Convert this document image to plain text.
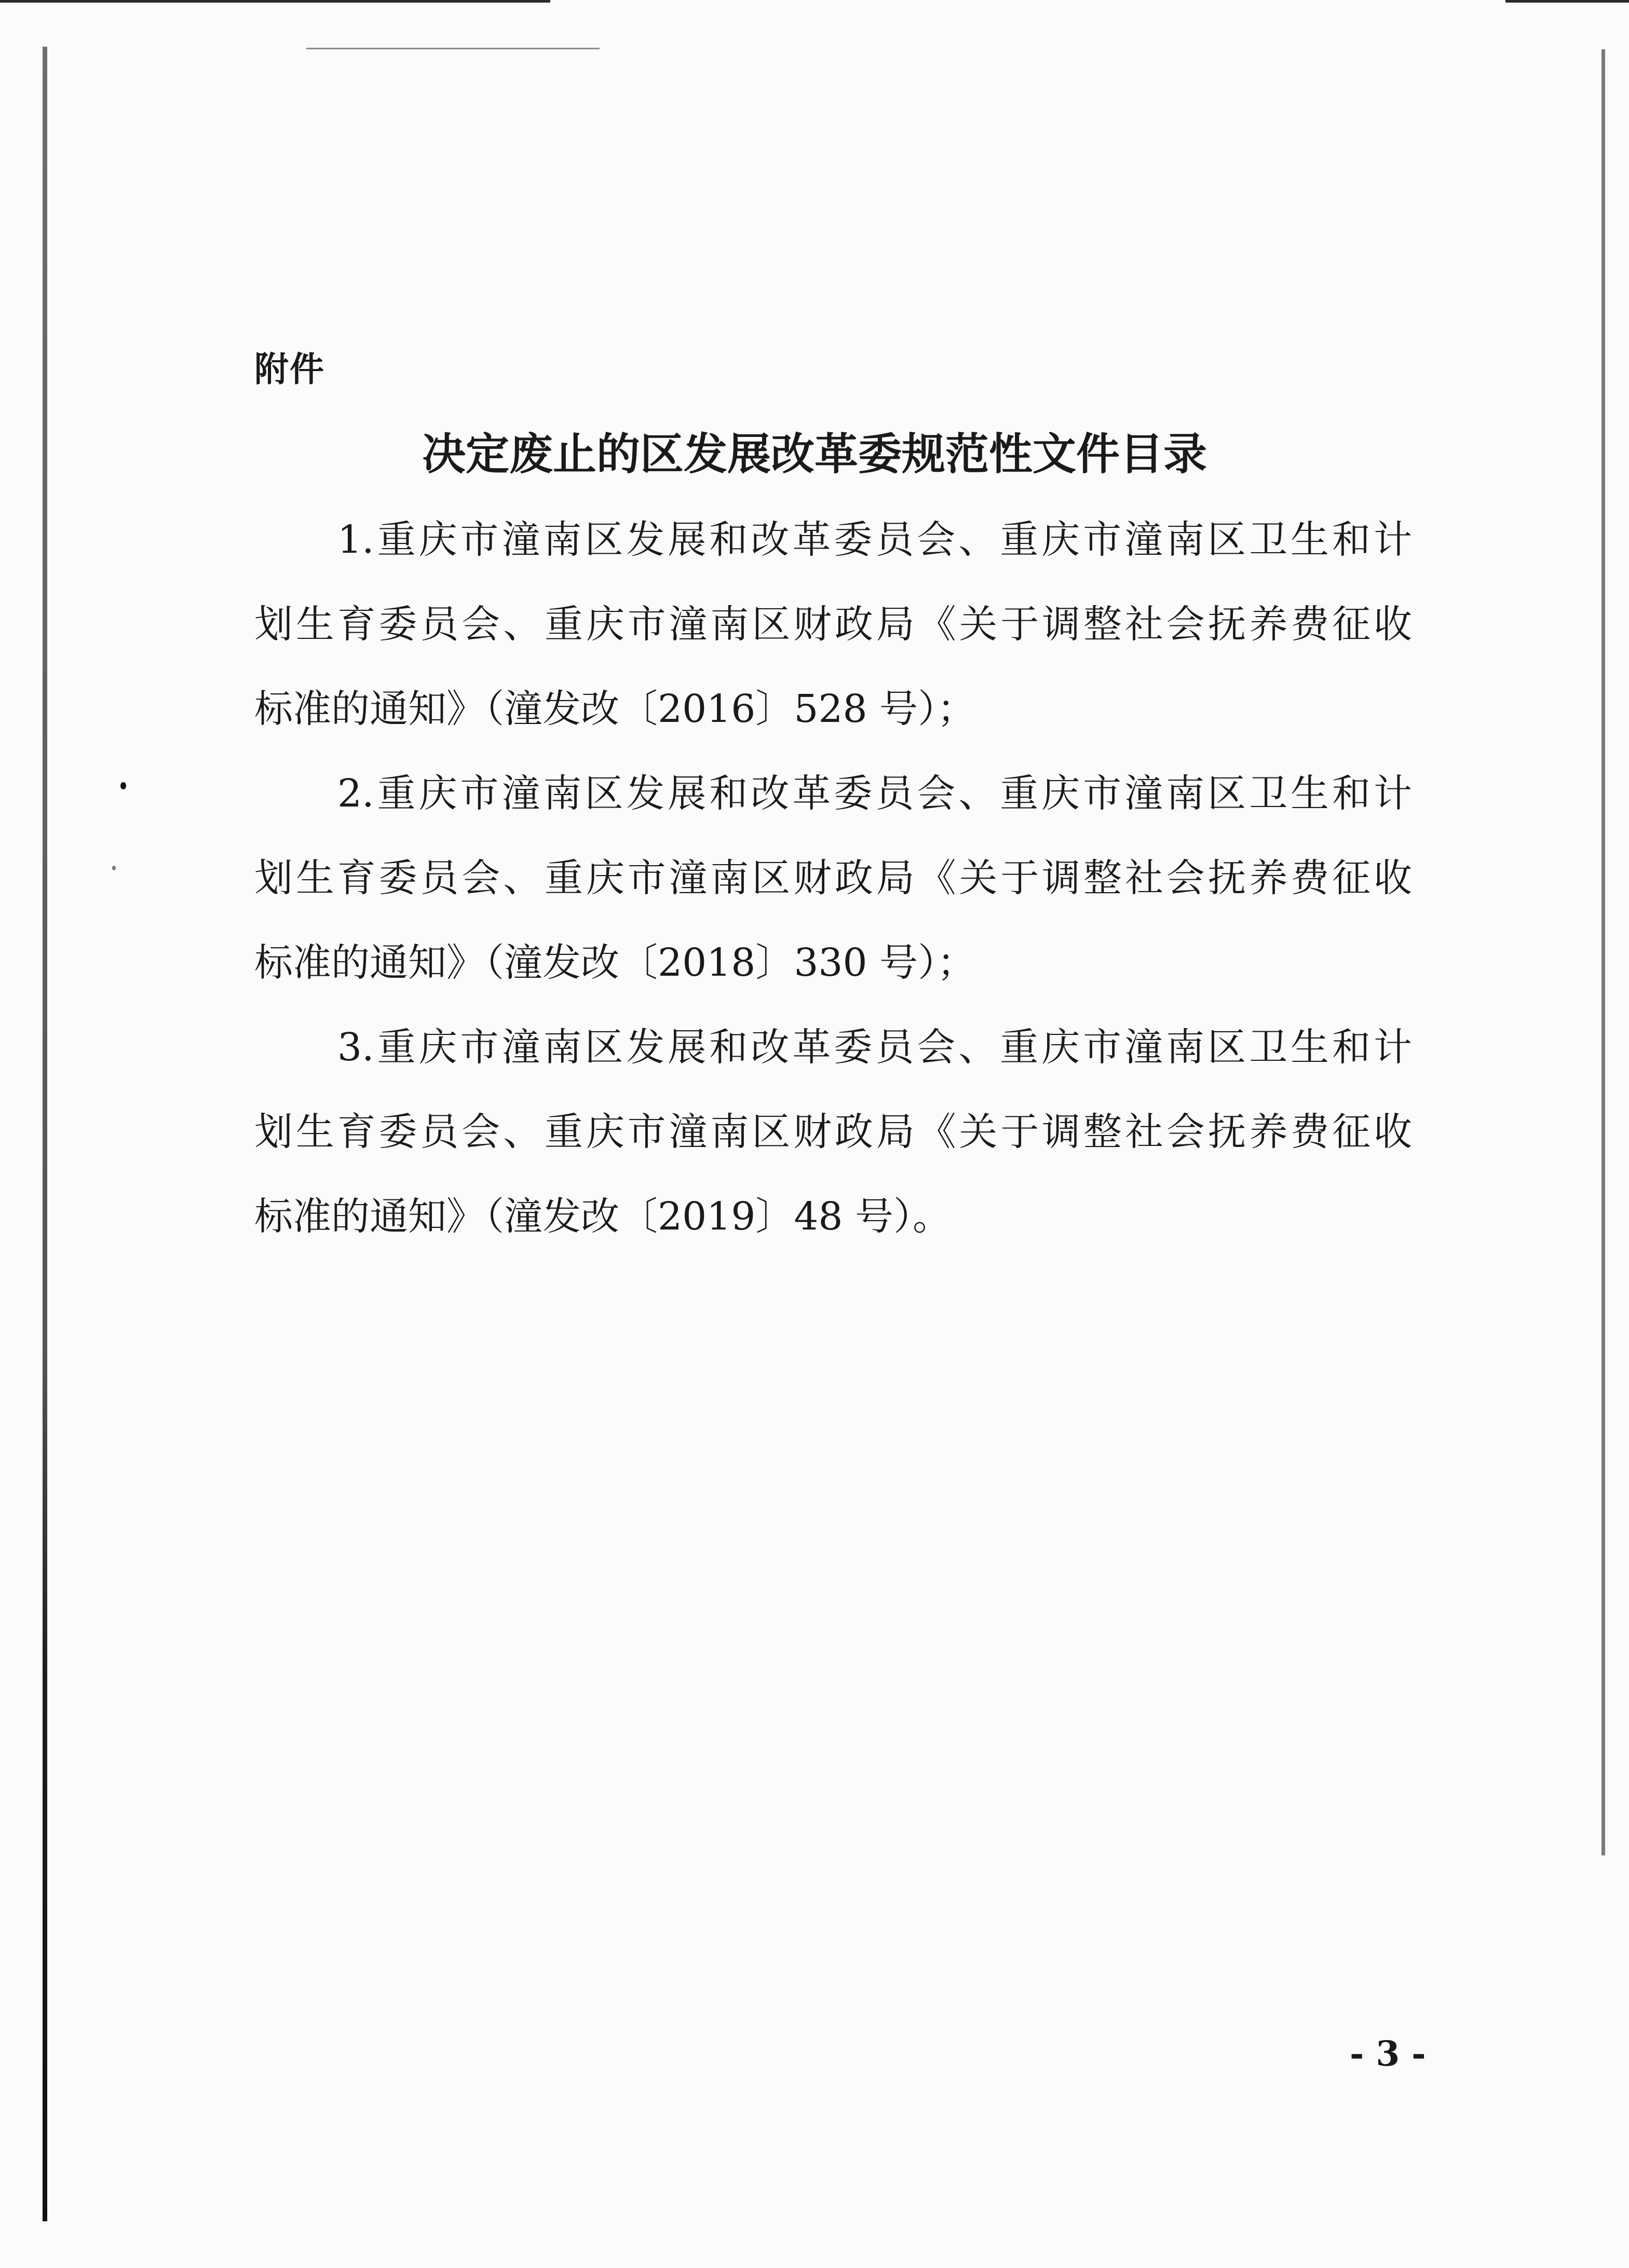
附件
决定废止的区发展改革委规范性文件目录
1.重庆市潼南区发展和改革委员会、重庆市潼南区卫生和计
划生育委员会、重庆市潼南区财政局《关于调整社会抚养费征收
标准的通知》（潼发改〔2016〕528 号）；
2.重庆市潼南区发展和改革委员会、重庆市潼南区卫生和计
划生育委员会、重庆市潼南区财政局《关于调整社会抚养费征收
标准的通知》（潼发改〔2018〕330 号）；
3.重庆市潼南区发展和改革委员会、重庆市潼南区卫生和计
划生育委员会、重庆市潼南区财政局《关于调整社会抚养费征收
标准的通知》（潼发改〔2019〕48 号）。
- 3 -
